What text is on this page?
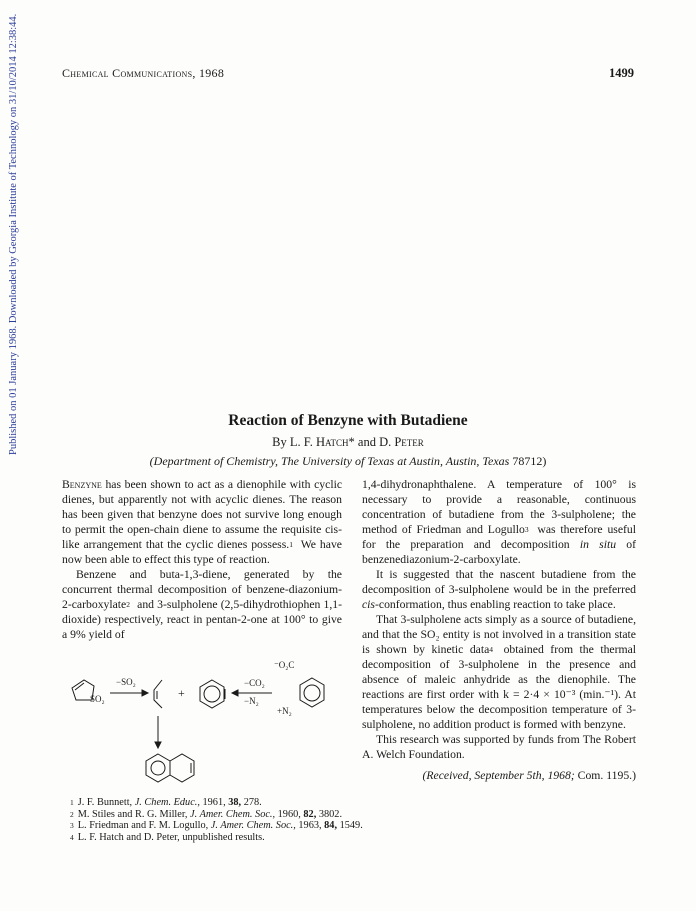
Published on 01 January 1968. Downloaded by Georgia Institute of Technology on 31/10/2014 12:38:44.	Chemical Communications, 1968	1499
Reaction of Benzyne with Butadiene
By L. F. Hatch* and D. Peter
(Department of Chemistry, The University of Texas at Austin, Austin, Texas 78712)

Benzyne has been shown to act as a dienophile with cyclic dienes, but apparently not with acyclic dienes. The reason has been given that benzyne does not survive long enough to permit the open-chain diene to assume the requisite cis-like arrangement that the cyclic dienes possess.$^1$ We have now been able to effect this type of reaction.

Benzene and buta-1,3-diene, generated by the concurrent thermal decomposition of benzene-diazonium-2-carboxylate$^2$ and 3-sulpholene (2,5-dihydrothiophen 1,1-dioxide) respectively, react in pentan-2-one at 100° to give a 9% yield of

SO₂
−SO₂
+
−CO₂
−N₂
⁻O₂C
+N₂

1,4-dihydronaphthalene. A temperature of 100° is necessary to provide a reasonable, continuous concentration of butadiene from the 3-sulpholene; the method of Friedman and Logullo$^3$ was therefore useful for the preparation and decomposition in situ of benzenediazonium-2-carboxylate.

It is suggested that the nascent butadiene from the decomposition of 3-sulpholene would be in the preferred cis-conformation, thus enabling reaction to take place.

That 3-sulpholene acts simply as a source of butadiene, and that the SO₂ entity is not involved in a transition state is shown by kinetic data$^4$ obtained from the thermal decomposition of 3-sulpholene in the presence and absence of maleic anhydride as the dienophile. The reactions are first order with k = 2·4 × 10⁻³ (min.⁻¹). At temperatures below the decomposition temperature of 3-sulpholene, no addition product is formed with benzyne.

This research was supported by funds from The Robert A. Welch Foundation.

(Received, September 5th, 1968; Com. 1195.)

$^1$ J. F. Bunnett, J. Chem. Educ., 1961, 38, 278.
$^2$ M. Stiles and R. G. Miller, J. Amer. Chem. Soc., 1960, 82, 3802.
$^3$ L. Friedman and F. M. Logullo, J. Amer. Chem. Soc., 1963, 84, 1549.
$^4$ L. F. Hatch and D. Peter, unpublished results.
